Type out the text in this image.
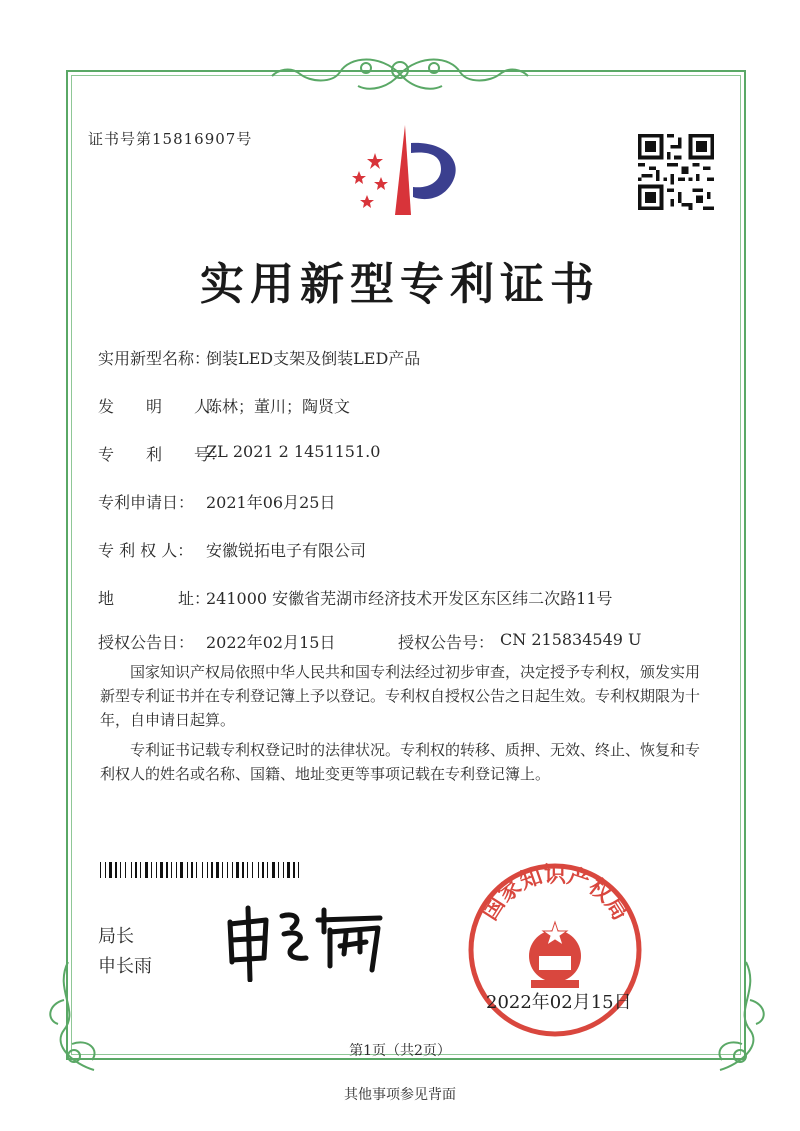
证书号第15816907号
实用新型专利证书
实用新型名称：
倒装LED支架及倒装LED产品
发　　明　　人：
陈林；董川；陶贤文
专　　利　　号：
ZL 2021 2 1451151.0
专利申请日： 2021年06月25日
专 利 权 人： 安徽锐拓电子有限公司
地　　　　址：
241000 安徽省芜湖市经济技术开发区东区纬二次路11号
授权公告日： 2022年02月15日	授权公告号： CN 215834549 U
国家知识产权局依照中华人民共和国专利法经过初步审查，决定授予专利权，颁发实用新型专利证书并在专利登记簿上予以登记。专利权自授权公告之日起生效。专利权期限为十年，自申请日起算。
专利证书记载专利权登记时的法律状况。专利权的转移、质押、无效、终止、恢复和专利权人的姓名或名称、国籍、地址变更等事项记载在专利登记簿上。
局长
申长雨
国家知识产权局
2022年02月15日
第1页（共2页）
其他事项参见背面
